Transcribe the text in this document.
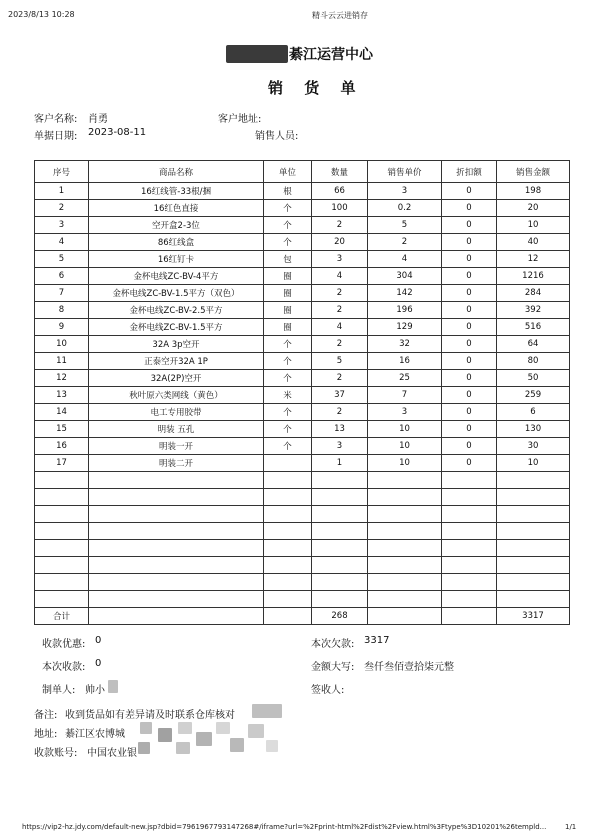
2023/8/13 10:28	精斗云云进销存
綦江运营中心
销 货 单
客户名称: 肖勇	客户地址:
单据日期: 2023-08-11	销售人员:
序号	商品名称	单位	数量	销售单价	折扣额	销售金额
1	16红线管-33根/捆	根	66	3	0	198
2	16红色直接	个	100	0.2	0	20
3	空开盒2-3位	个	2	5	0	10
4	86红线盒	个	20	2	0	40
5	16红钉卡	包	3	4	0	12
6	金杯电线ZC-BV-4平方	圈	4	304	0	1216
7	金杯电线ZC-BV-1.5平方（双色）	圈	2	142	0	284
8	金杯电线ZC-BV-2.5平方	圈	2	196	0	392
9	金杯电线ZC-BV-1.5平方	圈	4	129	0	516
10	32A 3p空开	个	2	32	0	64
11	正泰空开32A 1P	个	5	16	0	80
12	32A(2P)空开	个	2	25	0	50
13	秋叶原六类网线（黄色）	米	37	7	0	259
14	电工专用胶带	个	2	3	0	6
15	明装 五孔	个	13	10	0	130
16	明装一开	个	3	10	0	30
17	明装二开		1	10	0	10

合计			268			3317
收款优惠: 0	本次欠款: 3317
本次收款: 0	金额大写: 叁仟叁佰壹拾柒元整
制单人: 帅小	签收人:
备注: 收到货品如有差异请及时联系仓库核对
地址: 綦江区农博城
收款账号: 中国农业银
https://vip2-hz.jdy.com/default-new.jsp?dbid=7961967793147268#/iframe?url=%2Fprint-html%2Fdist%2Fview.html%3Ftype%3D10201%26templd...	1/1
